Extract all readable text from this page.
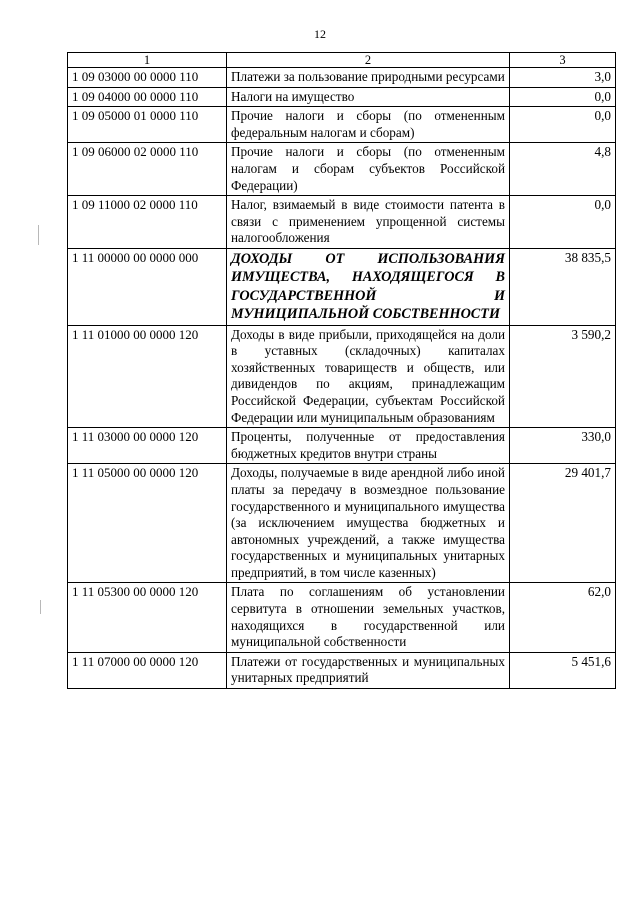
12
1	2	3
1 09 03000 00 0000 110	Платежи за пользование природными ресурсами	3,0
1 09 04000 00 0000 110	Налоги на имущество	0,0
1 09 05000 01 0000 110	Прочие налоги и сборы (по отмененным федеральным налогам и сборам)	0,0
1 09 06000 02 0000 110	Прочие налоги и сборы (по отмененным налогам и сборам субъектов Российской Федерации)	4,8
1 09 11000 02 0000 110	Налог, взимаемый в виде стоимости патента в связи с применением упрощенной системы налогообложения	0,0
1 11 00000 00 0000 000	ДОХОДЫ ОТ ИСПОЛЬЗОВАНИЯ ИМУЩЕСТВА, НАХОДЯЩЕГОСЯ В ГОСУДАРСТВЕННОЙ И МУНИЦИПАЛЬНОЙ СОБСТВЕННОСТИ	38 835,5
1 11 01000 00 0000 120	Доходы в виде прибыли, приходящейся на доли в уставных (складочных) капиталах хозяйственных товариществ и обществ, или дивидендов по акциям, принадлежащим Российской Федерации, субъектам Российской Федерации или муниципальным образованиям	3 590,2
1 11 03000 00 0000 120	Проценты, полученные от предоставления бюджетных кредитов внутри страны	330,0
1 11 05000 00 0000 120	Доходы, получаемые в виде арендной либо иной платы за передачу в возмездное пользование государственного и муниципального имущества (за исключением имущества бюджетных и автономных учреждений, а также имущества государственных и муниципальных унитарных предприятий, в том числе казенных)	29 401,7
1 11 05300 00 0000 120	Плата по соглашениям об установлении сервитута в отношении земельных участков, находящихся в государственной или муниципальной собственности	62,0
1 11 07000 00 0000 120	Платежи от государственных и муниципальных унитарных предприятий	5 451,6
